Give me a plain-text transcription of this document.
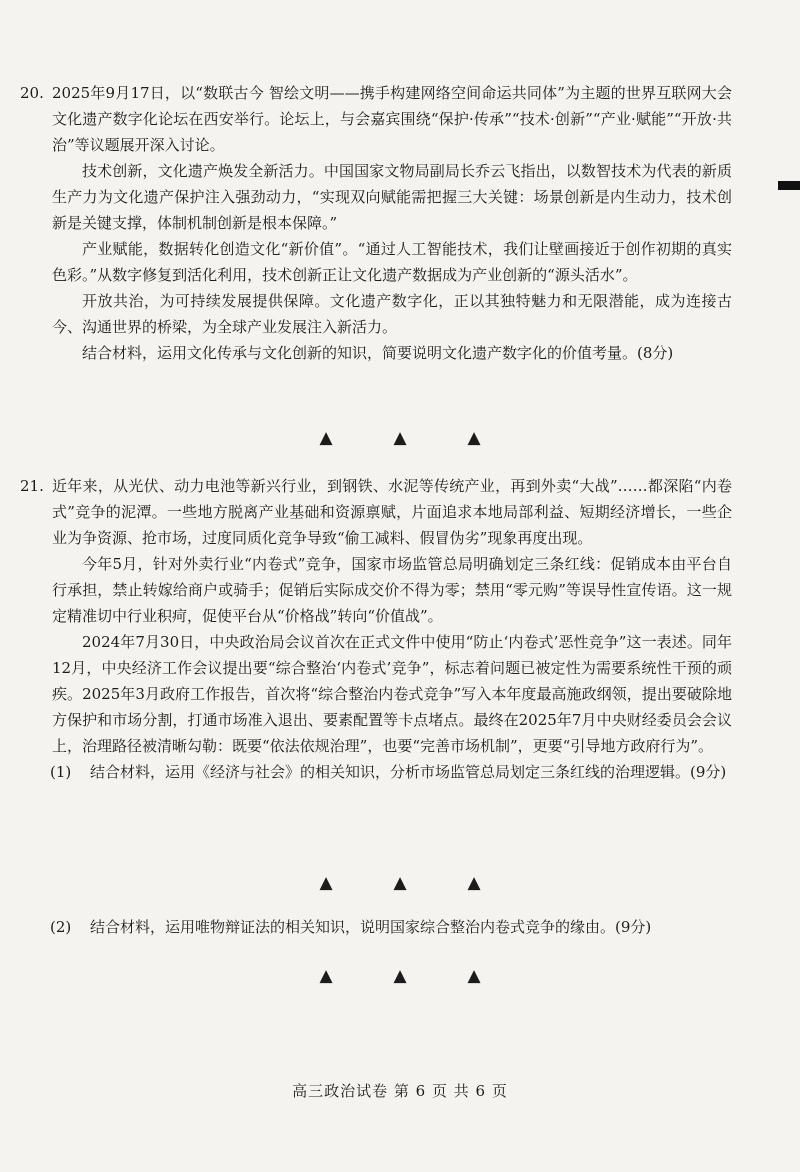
20. 2025年9月17日，以“数联古今 智绘文明——携手构建网络空间命运共同体”为主题的世界互联网大会文化遗产数字化论坛在西安举行。论坛上，与会嘉宾围绕“保护·传承”“技术·创新”“产业·赋能”“开放·共治”等议题展开深入讨论。

技术创新，文化遗产焕发全新活力。中国国家文物局副局长乔云飞指出，以数智技术为代表的新质生产力为文化遗产保护注入强劲动力，“实现双向赋能需把握三大关键：场景创新是内生动力，技术创新是关键支撑，体制机制创新是根本保障。”

产业赋能，数据转化创造文化“新价值”。“通过人工智能技术，我们让壁画接近于创作初期的真实色彩。”从数字修复到活化利用，技术创新正让文化遗产数据成为产业创新的“源头活水”。

开放共治，为可持续发展提供保障。文化遗产数字化，正以其独特魅力和无限潜能，成为连接古今、沟通世界的桥梁，为全球产业发展注入新活力。

结合材料，运用文化传承与文化创新的知识，简要说明文化遗产数字化的价值考量。(8分)

▲	▲	▲
21. 近年来，从光伏、动力电池等新兴行业，到钢铁、水泥等传统产业，再到外卖“大战”……都深陷“内卷式”竞争的泥潭。一些地方脱离产业基础和资源禀赋，片面追求本地局部利益、短期经济增长，一些企业为争资源、抢市场，过度同质化竞争导致“偷工减料、假冒伪劣”现象再度出现。

今年5月，针对外卖行业“内卷式”竞争，国家市场监管总局明确划定三条红线：促销成本由平台自行承担，禁止转嫁给商户或骑手；促销后实际成交价不得为零；禁用“零元购”等误导性宣传语。这一规定精准切中行业积疴，促使平台从“价格战”转向“价值战”。

2024年7月30日，中央政治局会议首次在正式文件中使用“防止‘内卷式’恶性竞争”这一表述。同年12月，中央经济工作会议提出要“综合整治‘内卷式’竞争”，标志着问题已被定性为需要系统性干预的顽疾。2025年3月政府工作报告，首次将“综合整治内卷式竞争”写入本年度最高施政纲领，提出要破除地方保护和市场分割，打通市场准入退出、要素配置等卡点堵点。最终在2025年7月中央财经委员会会议上，治理路径被清晰勾勒：既要“依法依规治理”，也要“完善市场机制”，更要“引导地方政府行为”。

(1)	结合材料，运用《经济与社会》的相关知识，分析市场监管总局划定三条红线的治理逻辑。(9分)

▲	▲	▲
(2)	结合材料，运用唯物辩证法的相关知识，说明国家综合整治内卷式竞争的缘由。(9分)

▲	▲	▲
高三政治试卷 第 6 页 共 6 页
